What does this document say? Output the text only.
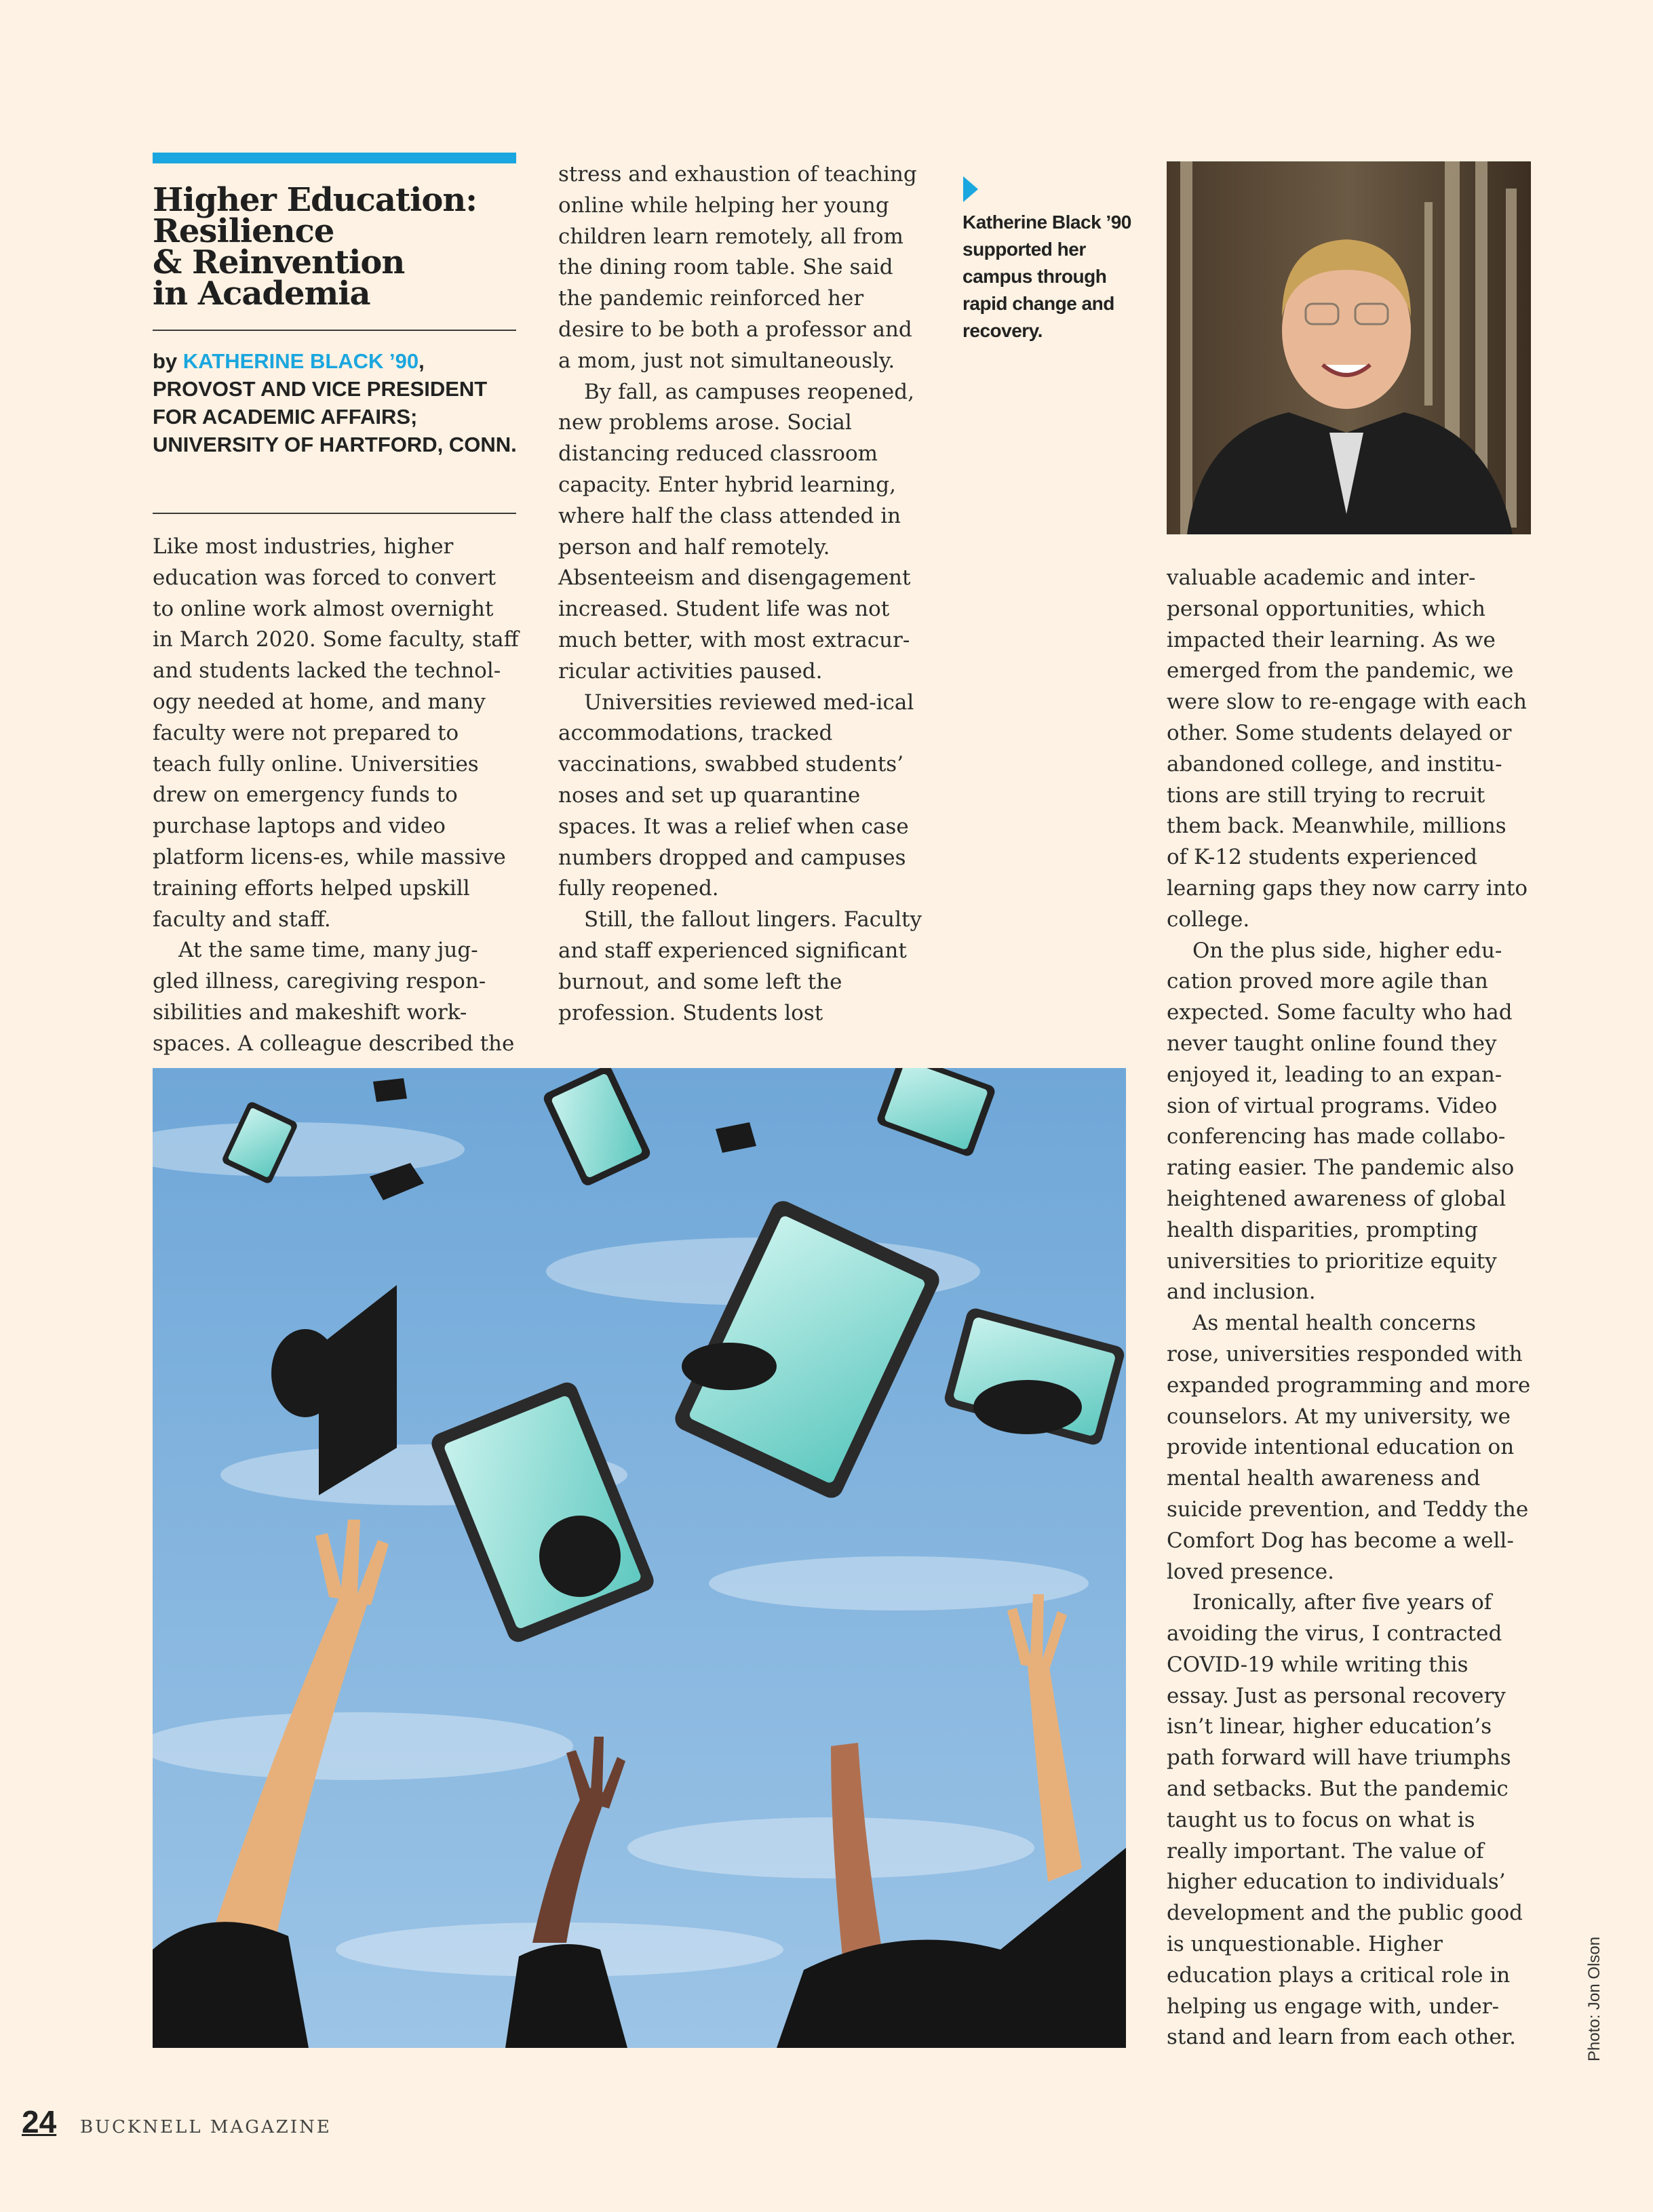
Higher Education:
Resilience
& Reinvention
in Academia
by KATHERINE BLACK ’90, PROVOST AND VICE PRESIDENT FOR ACADEMIC AFFAIRS; UNIVERSITY OF HARTFORD, CONN.

Like most industries, higher education was forced to convert to online work almost overnight in March 2020. Some faculty, staff and students lacked the technol-ogy needed at home, and many faculty were not prepared to teach fully online. Universities drew on emergency funds to purchase laptops and video platform licens-es, while massive training efforts helped upskill faculty and staff.

At the same time, many jug-gled illness, caregiving respon-sibilities and makeshift work-spaces. A colleague described the

stress and exhaustion of teaching online while helping her young children learn remotely, all from the dining room table. She said the pandemic reinforced her desire to be both a professor and a mom, just not simultaneously.

By fall, as campuses reopened, new problems arose. Social distancing reduced classroom capacity. Enter hybrid learning, where half the class attended in person and half remotely. Absenteeism and disengagement increased. Student life was not much better, with most extracur-ricular activities paused.

Universities reviewed med-ical accommodations, tracked vaccinations, swabbed students’ noses and set up quarantine spaces. It was a relief when case numbers dropped and campuses fully reopened.

Still, the fallout lingers. Faculty and staff experienced significant burnout, and some left the profession. Students lost

Katherine Black ’90 supported her campus through rapid change and recovery.

valuable academic and inter-personal opportunities, which impacted their learning. As we emerged from the pandemic, we were slow to re-engage with each other. Some students delayed or abandoned college, and institu-tions are still trying to recruit them back. Meanwhile, millions of K-12 students experienced learning gaps they now carry into college.

On the plus side, higher edu-cation proved more agile than expected. Some faculty who had never taught online found they enjoyed it, leading to an expan-sion of virtual programs. Video conferencing has made collabo-rating easier. The pandemic also heightened awareness of global health disparities, prompting universities to prioritize equity and inclusion.

As mental health concerns rose, universities responded with expanded programming and more counselors. At my university, we provide intentional education on mental health awareness and suicide prevention, and Teddy the Comfort Dog has become a well-loved presence.

Ironically, after five years of avoiding the virus, I contracted COVID-19 while writing this essay. Just as personal recovery isn’t linear, higher education’s path forward will have triumphs and setbacks. But the pandemic taught us to focus on what is really important. The value of higher education to individuals’ development and the public good is unquestionable. Higher education plays a critical role in helping us engage with, under-stand and learn from each other.	Photo: Jon Olson
24 BUCKNELL MAGAZINE
